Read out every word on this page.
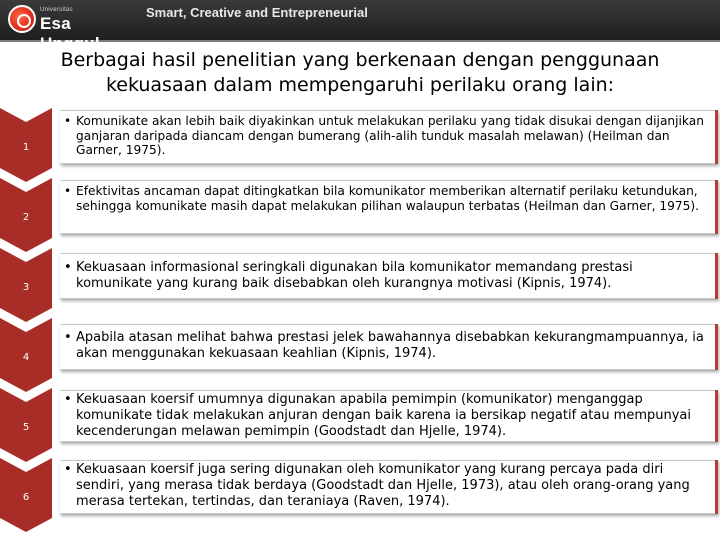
Universitas
Esa Unggul
Smart, Creative and Entrepreneurial
Berbagai hasil penelitian yang berkenaan dengan penggunaan kekuasaan dalam mempengaruhi perilaku orang lain:
1
2
3
4
5
6
• Komunikate akan lebih baik diyakinkan untuk melakukan perilaku yang tidak disukai dengan dijanjikan ganjaran daripada diancam dengan bumerang (alih-alih tunduk masalah melawan) (Heilman dan Garner, 1975).
• Efektivitas ancaman dapat ditingkatkan bila komunikator memberikan alternatif perilaku ketundukan, sehingga komunikate masih dapat melakukan pilihan walaupun terbatas (Heilman dan Garner, 1975).
• Kekuasaan informasional seringkali digunakan bila komunikator memandang prestasi komunikate yang kurang baik disebabkan oleh kurangnya motivasi (Kipnis, 1974).
• Apabila atasan melihat bahwa prestasi jelek bawahannya disebabkan kekurangmampuannya, ia akan menggunakan kekuasaan keahlian (Kipnis, 1974).
• Kekuasaan koersif umumnya digunakan apabila pemimpin (komunikator) menganggap komunikate tidak melakukan anjuran dengan baik karena ia bersikap negatif atau mempunyai kecenderungan melawan pemimpin (Goodstadt dan Hjelle, 1974).
• Kekuasaan koersif juga sering digunakan oleh komunikator yang kurang percaya pada diri sendiri, yang merasa tidak berdaya (Goodstadt dan Hjelle, 1973), atau oleh orang-orang yang merasa tertekan, tertindas, dan teraniaya (Raven, 1974).
